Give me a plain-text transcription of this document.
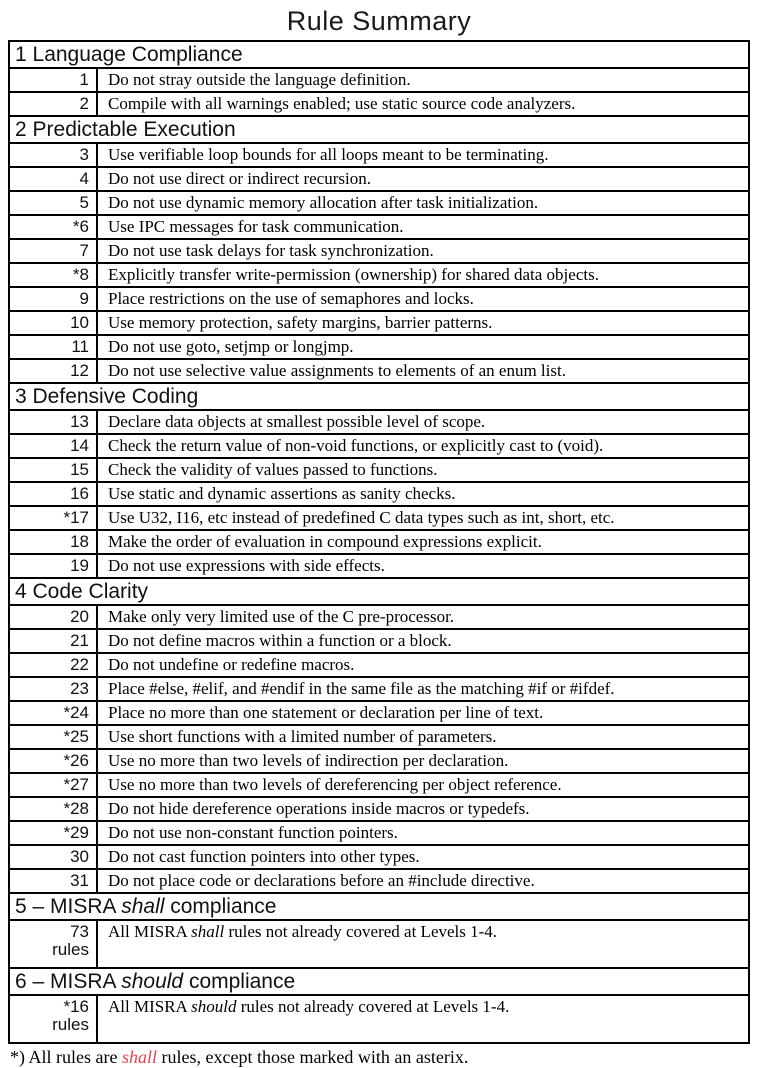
Rule Summary
1 Language Compliance	

1	Do not stray outside the language definition.

2	Compile with all warnings enabled; use static source code analyzers.
2 Predictable Execution	

3	Use verifiable loop bounds for all loops meant to be terminating.

4	Do not use direct or indirect recursion.

5	Do not use dynamic memory allocation after task initialization.

*6	Use IPC messages for task communication.

7	Do not use task delays for task synchronization.

*8	Explicitly transfer write-permission (ownership) for shared data objects.

9	Place restrictions on the use of semaphores and locks.

10	Use memory protection, safety margins, barrier patterns.

11	Do not use goto, setjmp or longjmp.

12	Do not use selective value assignments to elements of an enum list.
3 Defensive Coding	

13	Declare data objects at smallest possible level of scope.

14	Check the return value of non-void functions, or explicitly cast to (void).

15	Check the validity of values passed to functions.

16	Use static and dynamic assertions as sanity checks.

*17	Use U32, I16, etc instead of predefined C data types such as int, short, etc.

18	Make the order of evaluation in compound expressions explicit.

19	Do not use expressions with side effects.
4 Code Clarity	

20	Make only very limited use of the C pre-processor.

21	Do not define macros within a function or a block.

22	Do not undefine or redefine macros.

23	Place #else, #elif, and #endif in the same file as the matching #if or #ifdef.

*24	Place no more than one statement or declaration per line of text.

*25	Use short functions with a limited number of parameters.

*26	Use no more than two levels of indirection per declaration.

*27	Use no more than two levels of dereferencing per object reference.

*28	Do not hide dereference operations inside macros or typedefs.

*29	Do not use non-constant function pointers.

30	Do not cast function pointers into other types.

31	Do not place code or declarations before an #include directive.
5 – MISRA shall compliance	

73
rules	All MISRA shall rules not already covered at Levels 1-4.
6 – MISRA should compliance	

*16
rules	All MISRA should rules not already covered at Levels 1-4.

*) All rules are shall rules, except those marked with an asterix.
